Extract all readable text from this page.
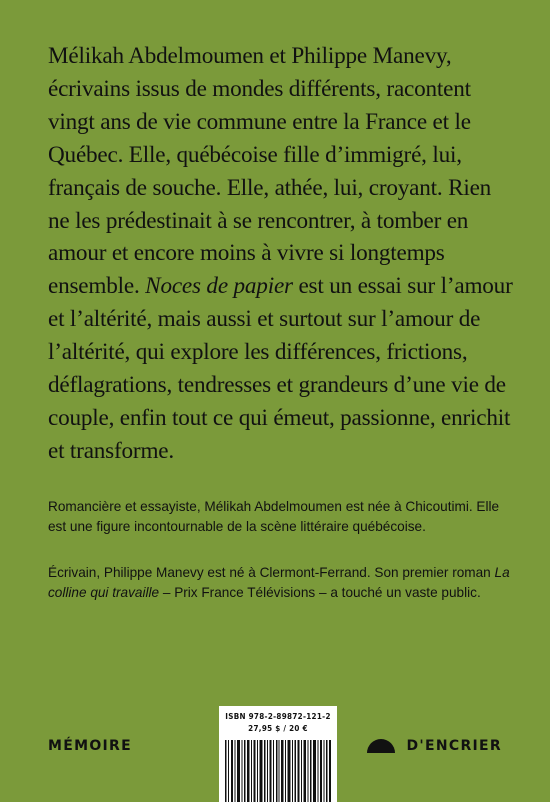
Mélikah Abdelmoumen et Philippe Manevy, écrivains issus de mondes différents, racontent vingt ans de vie commune entre la France et le Québec. Elle, québécoise fille d’immigré, lui, français de souche. Elle, athée, lui, croyant. Rien ne les prédestinait à se rencontrer, à tomber en amour et encore moins à vivre si longtemps ensemble. Noces de papier est un essai sur l’amour et l’altérité, mais aussi et surtout sur l’amour de l’altérité, qui explore les différences, frictions, déflagrations, tendresses et grandeurs d’une vie de couple, enfin tout ce qui émeut, passionne, enrichit et transforme.

Romancière et essayiste, Mélikah Abdelmoumen est née à Chicoutimi. Elle est une figure incontournable de la scène littéraire québécoise.

Écrivain, Philippe Manevy est né à Clermont-Ferrand. Son premier roman La colline qui travaille – Prix France Télévisions – a touché un vaste public.

MÉMOIRE	D'ENCRIER
ISBN 978-2-89872-121-2
27,95 $ / 20 €
